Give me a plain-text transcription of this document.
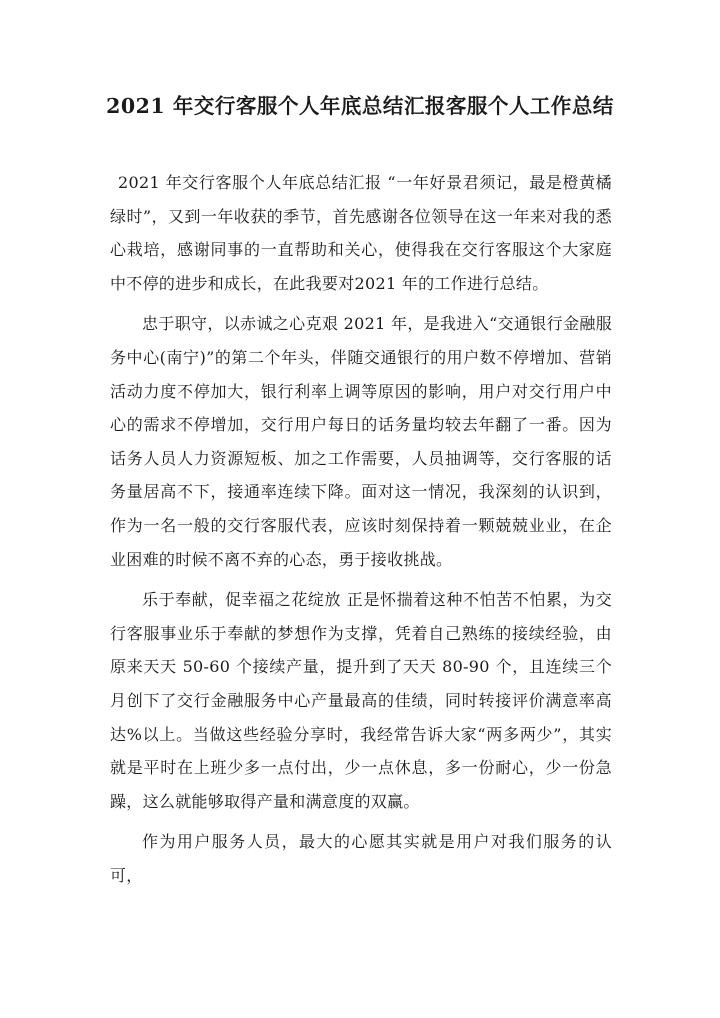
2021 年交行客服个人年底总结汇报客服个人工作总结

2021 年交行客服个人年底总结汇报 “一年好景君须记，最是橙黄橘绿时”，又到一年收获的季节，首先感谢各位领导在这一年来对我的悉心栽培，感谢同事的一直帮助和关心，使得我在交行客服这个大家庭中不停的进步和成长，在此我要对2021 年的工作进行总结。

忠于职守，以赤诚之心克艰 2021 年，是我进入“交通银行金融服务中心(南宁)”的第二个年头，伴随交通银行的用户数不停增加、营销活动力度不停加大，银行利率上调等原因的影响，用户对交行用户中心的需求不停增加，交行用户每日的话务量均较去年翻了一番。因为话务人员人力资源短板、加之工作需要，人员抽调等，交行客服的话务量居高不下，接通率连续下降。面对这一情况，我深刻的认识到，作为一名一般的交行客服代表，应该时刻保持着一颗兢兢业业，在企业困难的时候不离不弃的心态，勇于接收挑战。

乐于奉献，促幸福之花绽放 正是怀揣着这种不怕苦不怕累，为交行客服事业乐于奉献的梦想作为支撑，凭着自己熟练的接续经验，由原来天天 50-60 个接续产量，提升到了天天 80-90 个，且连续三个月创下了交行金融服务中心产量最高的佳绩，同时转接评价满意率高达%以上。当做这些经验分享时，我经常告诉大家“两多两少”，其实就是平时在上班少多一点付出，少一点休息，多一份耐心，少一份急躁，这么就能够取得产量和满意度的双赢。

作为用户服务人员，最大的心愿其实就是用户对我们服务的认可，
